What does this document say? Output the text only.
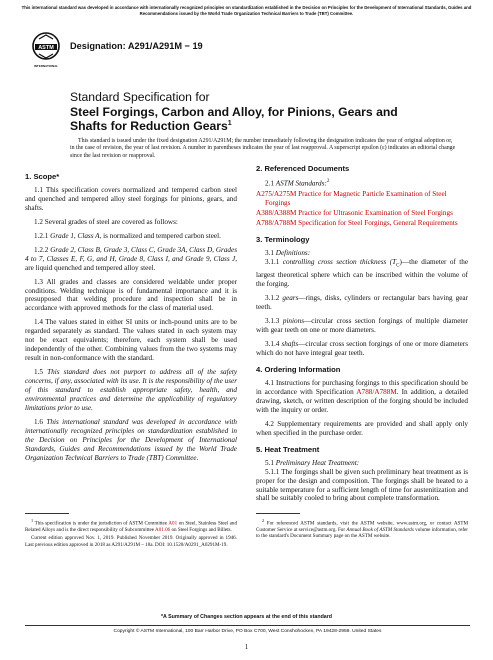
This international standard was developed in accordance with internationally recognized principles on standardization established in the Decision on Principles for the Development of International Standards, Guides and Recommendations issued by the World Trade Organization Technical Barriers to Trade (TBT) Committee.
ASTM
INTERNATIONAL
Designation: A291/A291M − 19
Standard Specification for
Steel Forgings, Carbon and Alloy, for Pinions, Gears and
Shafts for Reduction Gears$^1$
This standard is issued under the fixed designation A291/A291M; the number immediately following the designation indicates the year of original adoption or, in the case of revision, the year of last revision. A number in parentheses indicates the year of last reapproval. A superscript epsilon (ε) indicates an editorial change since the last revision or reapproval.
1. Scope*

1.1 This specification covers normalized and tempered carbon steel and quenched and tempered alloy steel forgings for pinions, gears, and shafts.

1.2 Several grades of steel are covered as follows:

1.2.1 Grade 1, Class A, is normalized and tempered carbon steel.

1.2.2 Grade 2, Class B, Grade 3, Class C, Grade 3A, Class D, Grades 4 to 7, Classes E, F, G, and H, Grade 8, Class I, and Grade 9, Class J, are liquid quenched and tempered alloy steel.

1.3 All grades and classes are considered weldable under proper conditions. Welding technique is of fundamental importance and it is presupposed that welding procedure and inspection shall be in accordance with approved methods for the class of material used.

1.4 The values stated in either SI units or inch-pound units are to be regarded separately as standard. The values stated in each system may not be exact equivalents; therefore, each system shall be used independently of the other. Combining values from the two systems may result in non-conformance with the standard.

1.5 This standard does not purport to address all of the safety concerns, if any, associated with its use. It is the responsibility of the user of this standard to establish appropriate safety, health, and environmental practices and determine the applicability of regulatory limitations prior to use.

1.6 This international standard was developed in accordance with internationally recognized principles on standardization established in the Decision on Principles for the Development of International Standards, Guides and Recommendations issued by the World Trade Organization Technical Barriers to Trade (TBT) Committee.

2. Referenced Documents

2.1 ASTM Standards:$^2$

A275/A275M Practice for Magnetic Particle Examination of Steel Forgings
A388/A388M Practice for Ultrasonic Examination of Steel Forgings
A788/A788M Specification for Steel Forgings, General Requirements
3. Terminology

3.1 Definitions:

3.1.1 controlling cross section thickness $(T_C)—the$ diameter of the largest theoretical sphere which can be inscribed within the volume of the forging.

3.1.2 gears—rings, disks, cylinders or rectangular bars having gear teeth.

3.1.3 pinions—circular cross section forgings of multiple diameter with gear teeth on one or more diameters.

3.1.4 shafts—circular cross section forgings of one or more diameters which do not have integral gear teeth.

4. Ordering Information

4.1 Instructions for purchasing forgings to this specification should be in accordance with Specification A788/A788M. In addition, a detailed drawing, sketch, or written description of the forging should be included with the inquiry or order.

4.2 Supplementary requirements are provided and shall apply only when specified in the purchase order.

5. Heat Treatment

5.1 Preliminary Heat Treatment:

5.1.1 The forgings shall be given such preliminary heat treatment as is proper for the design and composition. The forgings shall be heated to a suitable temperature for a sufficient length of time for austenitization and shall be suitably cooled to bring about complete transformation.

$^1$ This specification is under the jurisdiction of ASTM Committee A01 on Steel, Stainless Steel and Related Alloys and is the direct responsibility of Subcommittee A01.06 on Steel Forgings and Billets.

Current edition approved Nov. 1, 2019. Published November 2019. Originally approved in 1946. Last previous edition approved in 2018 as A291/A291M – 18a. DOI: 10.1520/A0291_A0291M-19.

$^2$ For referenced ASTM standards, visit the ASTM website, www.astm.org, or contact ASTM Customer Service at service@astm.org. For Annual Book of ASTM Standards volume information, refer to the standard's Document Summary page on the ASTM website.

*A Summary of Changes section appears at the end of this standard
Copyright © ASTM International, 100 Barr Harbor Drive, PO Box C700, West Conshohocken, PA 19428-2959. United States
1
